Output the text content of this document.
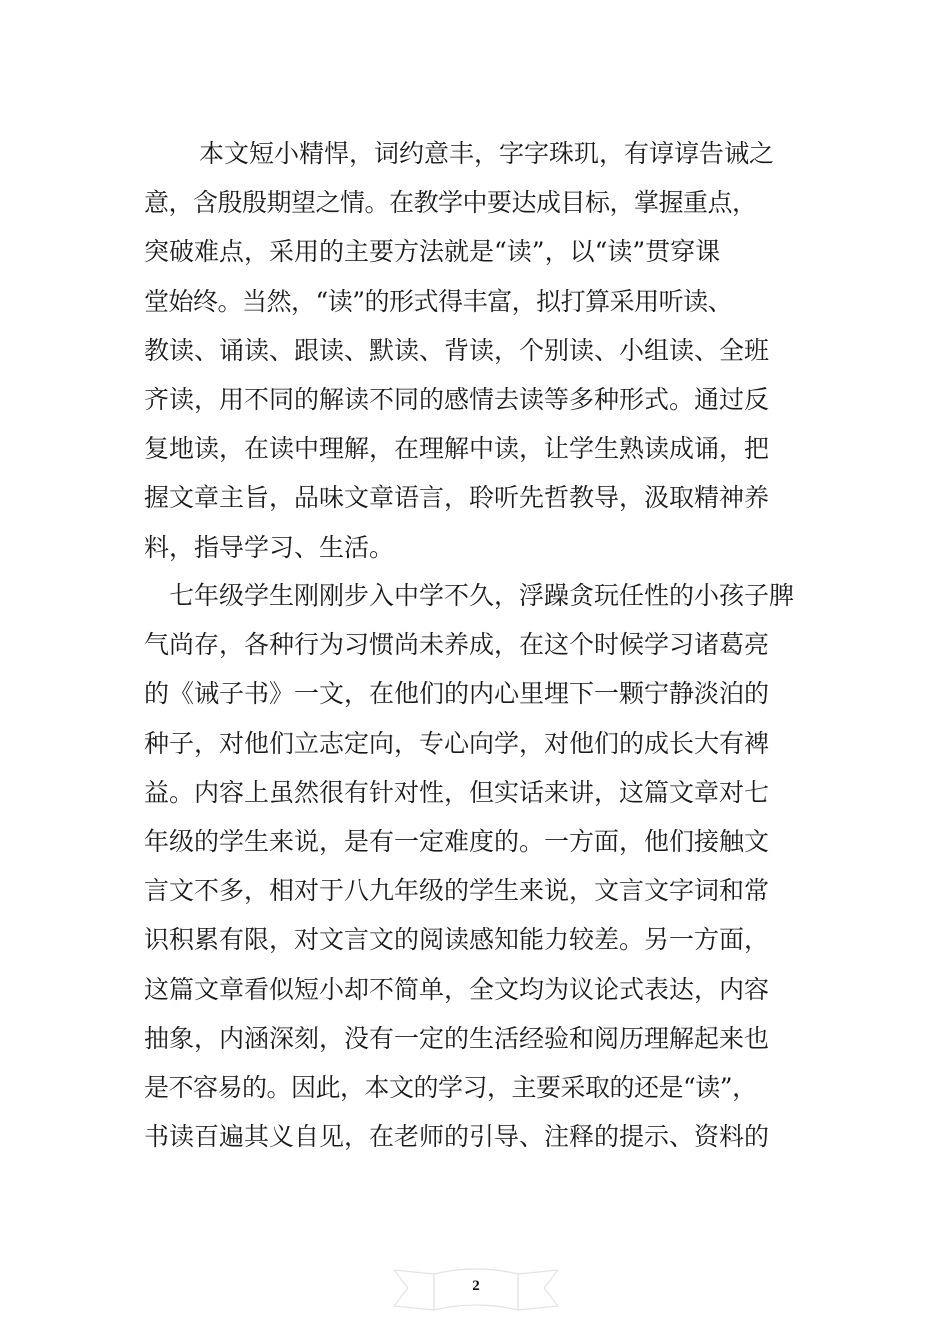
本文短小精悍，词约意丰，字字珠玑，有谆谆告诫之
意，含殷殷期望之情。在教学中要达成目标，掌握重点，
突破难点，采用的主要方法就是“读”，以“读”贯穿课
堂始终。当然，“读”的形式得丰富，拟打算采用听读、
教读、诵读、跟读、默读、背读，个别读、小组读、全班
齐读，用不同的解读不同的感情去读等多种形式。通过反
复地读，在读中理解，在理解中读，让学生熟读成诵，把
握文章主旨，品味文章语言，聆听先哲教导，汲取精神养
料，指导学习、生活。
七年级学生刚刚步入中学不久，浮躁贪玩任性的小孩子脾
气尚存，各种行为习惯尚未养成，在这个时候学习诸葛亮
的《诫子书》一文，在他们的内心里埋下一颗宁静淡泊的
种子，对他们立志定向，专心向学，对他们的成长大有裨
益。内容上虽然很有针对性，但实话来讲，这篇文章对七
年级的学生来说，是有一定难度的。一方面，他们接触文
言文不多，相对于八九年级的学生来说，文言文字词和常
识积累有限，对文言文的阅读感知能力较差。另一方面，
这篇文章看似短小却不简单，全文均为议论式表达，内容
抽象，内涵深刻，没有一定的生活经验和阅历理解起来也
是不容易的。因此，本文的学习，主要采取的还是“读”，
书读百遍其义自见，在老师的引导、注释的提示、资料的
2
